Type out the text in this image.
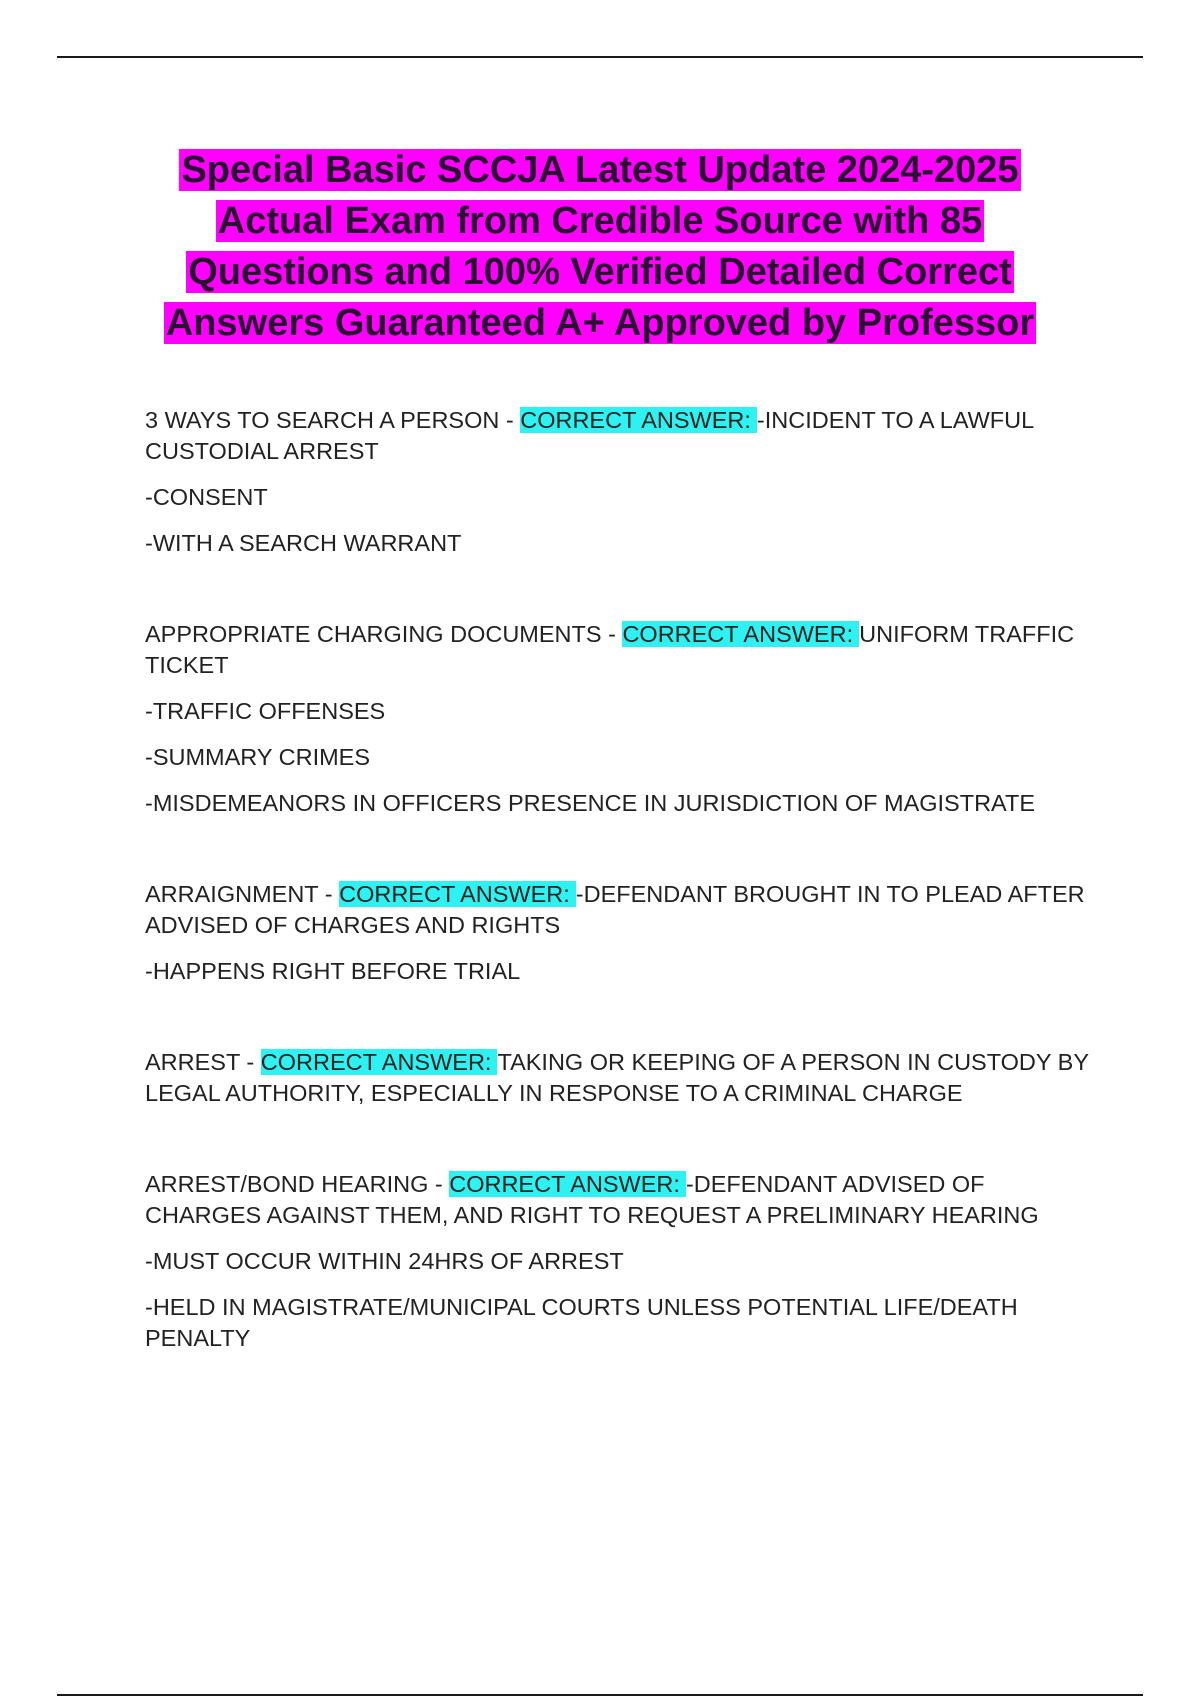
Special Basic SCCJA Latest Update 2024-2025
Actual Exam from Credible Source with 85
Questions and 100% Verified Detailed Correct
Answers Guaranteed A+ Approved by Professor

3 WAYS TO SEARCH A PERSON - CORRECT ANSWER: -INCIDENT TO A LAWFUL CUSTODIAL ARREST

-CONSENT

-WITH A SEARCH WARRANT

APPROPRIATE CHARGING DOCUMENTS - CORRECT ANSWER: UNIFORM TRAFFIC TICKET

-TRAFFIC OFFENSES

-SUMMARY CRIMES

-MISDEMEANORS IN OFFICERS PRESENCE IN JURISDICTION OF MAGISTRATE

ARRAIGNMENT - CORRECT ANSWER: -DEFENDANT BROUGHT IN TO PLEAD AFTER ADVISED OF CHARGES AND RIGHTS

-HAPPENS RIGHT BEFORE TRIAL

ARREST - CORRECT ANSWER: TAKING OR KEEPING OF A PERSON IN CUSTODY BY LEGAL AUTHORITY, ESPECIALLY IN RESPONSE TO A CRIMINAL CHARGE

ARREST/BOND HEARING - CORRECT ANSWER: -DEFENDANT ADVISED OF CHARGES AGAINST THEM, AND RIGHT TO REQUEST A PRELIMINARY HEARING

-MUST OCCUR WITHIN 24HRS OF ARREST

-HELD IN MAGISTRATE/MUNICIPAL COURTS UNLESS POTENTIAL LIFE/DEATH PENALTY
